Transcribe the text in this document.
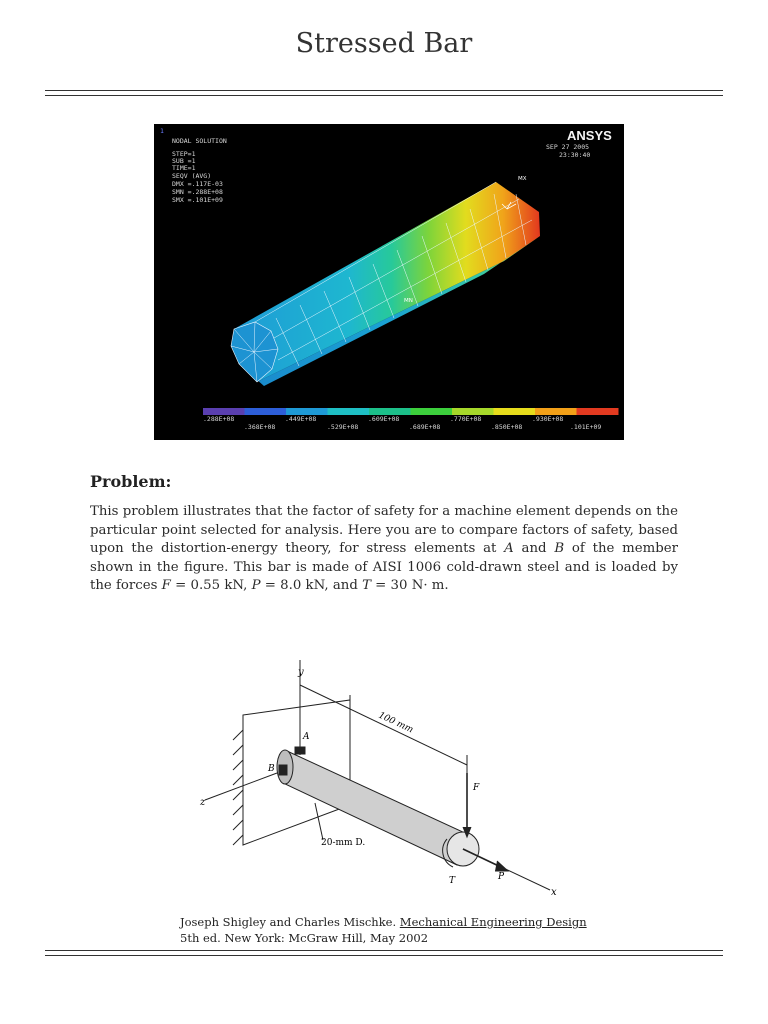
Stressed Bar
1
NODAL SOLUTION
STEP=1
SUB =1
TIME=1
SEQV (AVG)
DMX =.117E-03
SMN =.288E+08
SMX =.101E+09
ANSYS
SEP 27 2005
23:30:40
MX
MN
.288E+08	.449E+08	.609E+08	.770E+08	.930E+08
.368E+08	.529E+08	.689E+08	.850E+08	.101E+09
Problem:
This problem illustrates that the factor of safety for a machine element depends on the particular point selected for analysis. Here you are to compare factors of safety, based upon the distortion-energy theory, for stress elements at A and B of the member shown in the figure. This bar is made of AISI 1006 cold-drawn steel and is loaded by the forces F = 0.55 kN, P = 8.0 kN, and T = 30 N· m.
y
z
x
A
B
F
T	P
100 mm
20-mm D.
Joseph Shigley and Charles Mischke. Mechanical Engineering Design
5th ed. New York: McGraw Hill, May 2002
